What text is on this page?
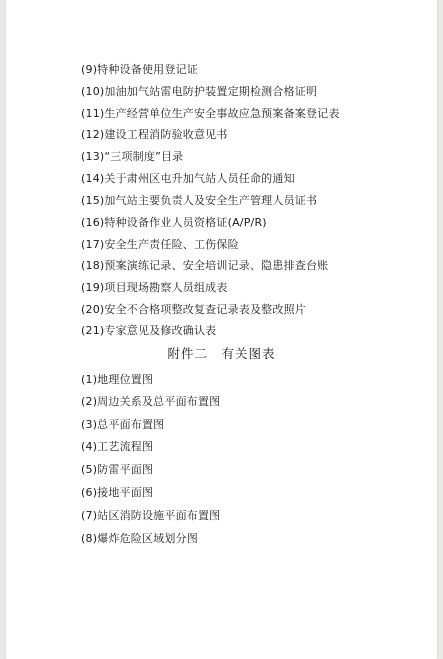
(9)特种设备使用登记证
(10)加油加气站雷电防护装置定期检测合格证明
(11)生产经营单位生产安全事故应急预案备案登记表
(12)建设工程消防验收意见书
(13)“三项制度”目录
(14)关于肃州区屯升加气站人员任命的通知
(15)加气站主要负责人及安全生产管理人员证书
(16)特种设备作业人员资格证(A/P/R)
(17)安全生产责任险、工伤保险
(18)预案演练记录、安全培训记录、隐患排查台账
(19)项目现场勘察人员组成表
(20)安全不合格项整改复查记录表及整改照片
(21)专家意见及修改确认表
附件二　有关图表
(1)地理位置图
(2)周边关系及总平面布置图
(3)总平面布置图
(4)工艺流程图
(5)防雷平面图
(6)接地平面图
(7)站区消防设施平面布置图
(8)爆炸危险区域划分图
